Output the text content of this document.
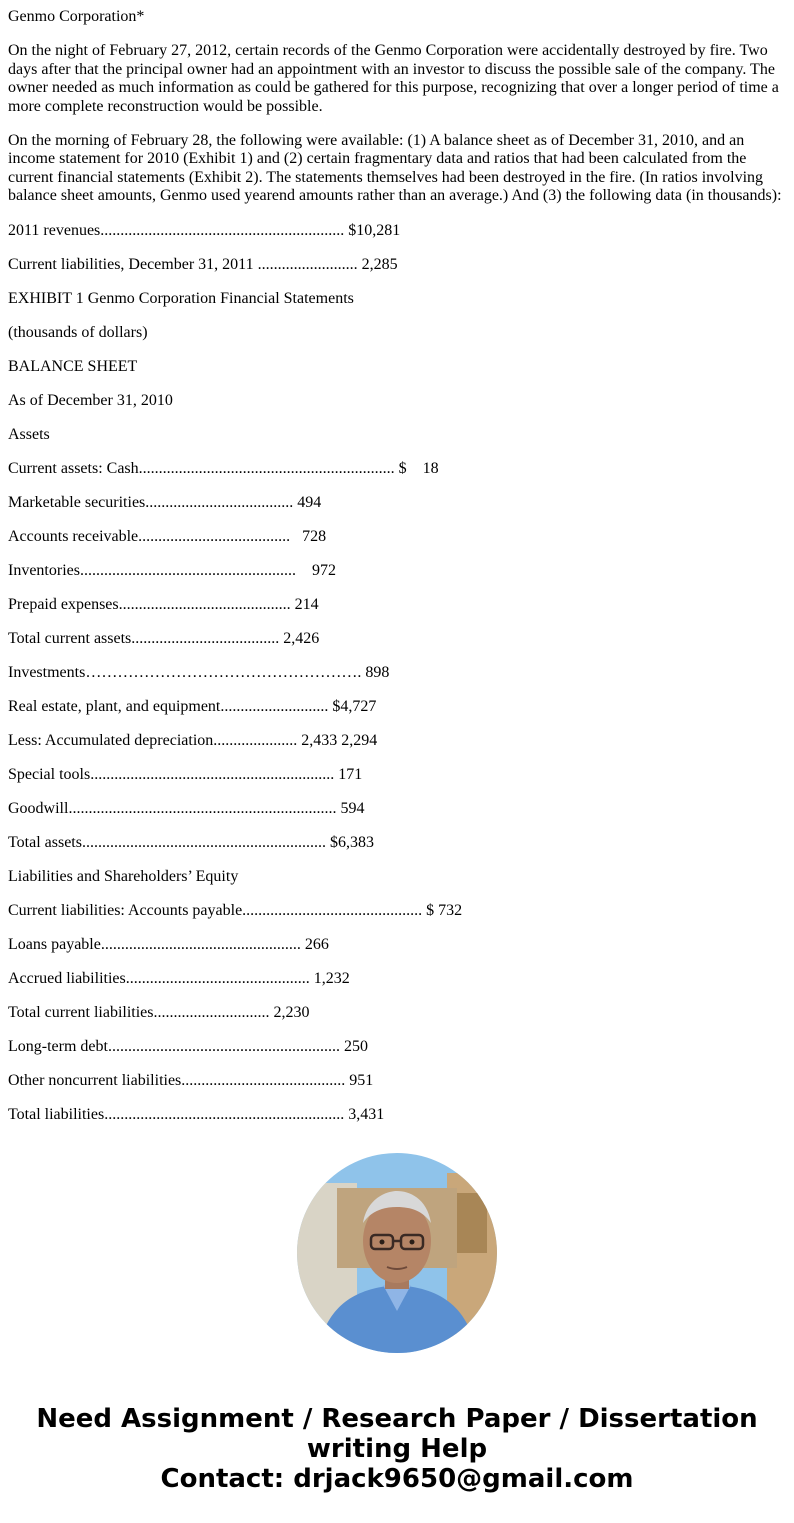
Genmo Corporation*

On the night of February 27, 2012, certain records of the Genmo Corporation were accidentally destroyed by fire. Two days after that the principal owner had an appointment with an investor to discuss the possible sale of the company. The owner needed as much information as could be gathered for this purpose, recognizing that over a longer period of time a more complete reconstruction would be possible.

On the morning of February 28, the following were available: (1) A balance sheet as of December 31, 2010, and an income statement for 2010 (Exhibit 1) and (2) certain fragmentary data and ratios that had been calculated from the current financial statements (Exhibit 2). The statements themselves had been destroyed in the fire. (In ratios involving balance sheet amounts, Genmo used yearend amounts rather than an average.) And (3) the following data (in thousands):

2011 revenues............................................................. $10,281
Current liabilities, December 31, 2011 ......................... 2,285
EXHIBIT 1 Genmo Corporation Financial Statements
(thousands of dollars)
BALANCE SHEET
As of December 31, 2010
Assets
Current assets: Cash................................................................ $    18
Marketable securities..................................... 494
Accounts receivable......................................   728
Inventories......................................................    972
Prepaid expenses........................................... 214
Total current assets..................................... 2,426
Investments……………………………………………. 898
Real estate, plant, and equipment........................... $4,727
Less: Accumulated depreciation..................... 2,433 2,294
Special tools............................................................. 171
Goodwill................................................................... 594
Total assets............................................................. $6,383
Liabilities and Shareholders’ Equity
Current liabilities: Accounts payable............................................. $ 732
Loans payable.................................................. 266
Accrued liabilities.............................................. 1,232
Total current liabilities............................. 2,230
Long-term debt.......................................................... 250
Other noncurrent liabilities......................................... 951
Total liabilities............................................................ 3,431
Need Assignment / Research Paper / Dissertation
writing Help
Contact: drjack9650@gmail.com
